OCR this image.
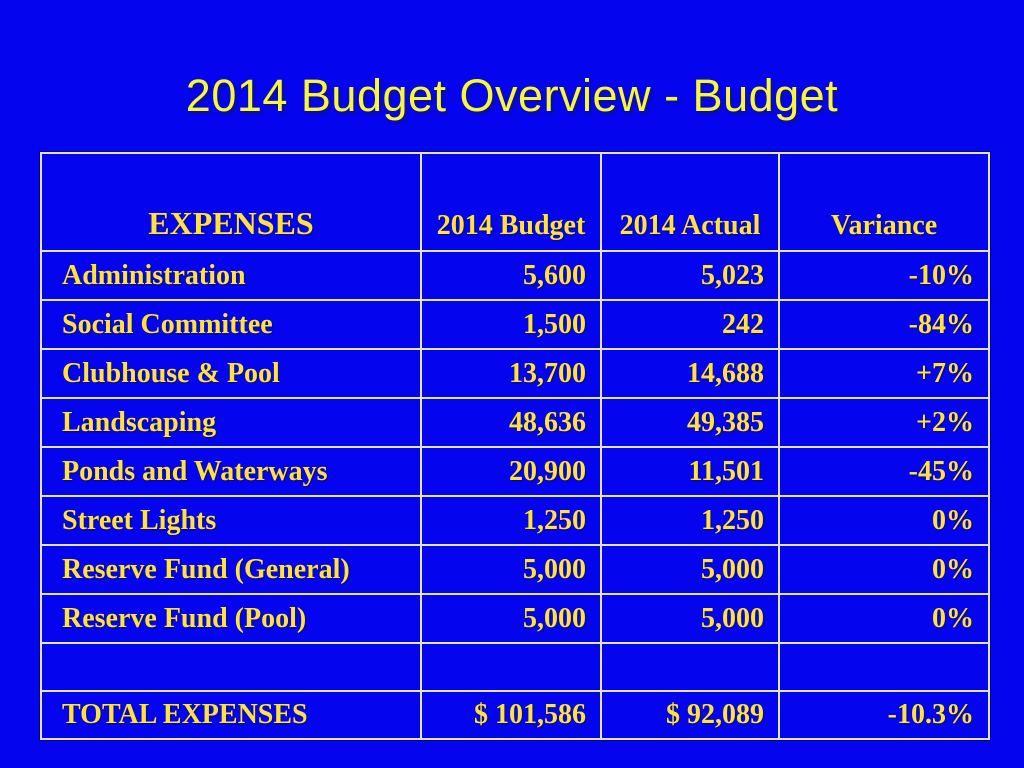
2014 Budget Overview - Budget
EXPENSES	2014 Budget	2014 Actual	Variance
Administration	5,600	5,023	-10%
Social Committee	1,500	242	-84%
Clubhouse & Pool	13,700	14,688	+7%
Landscaping	48,636	49,385	+2%
Ponds and Waterways	20,900	11,501	-45%
Street Lights	1,250	1,250	0%
Reserve Fund (General)	5,000	5,000	0%
Reserve Fund (Pool)	5,000	5,000	0%

TOTAL EXPENSES	$ 101,586	$ 92,089	-10.3%
